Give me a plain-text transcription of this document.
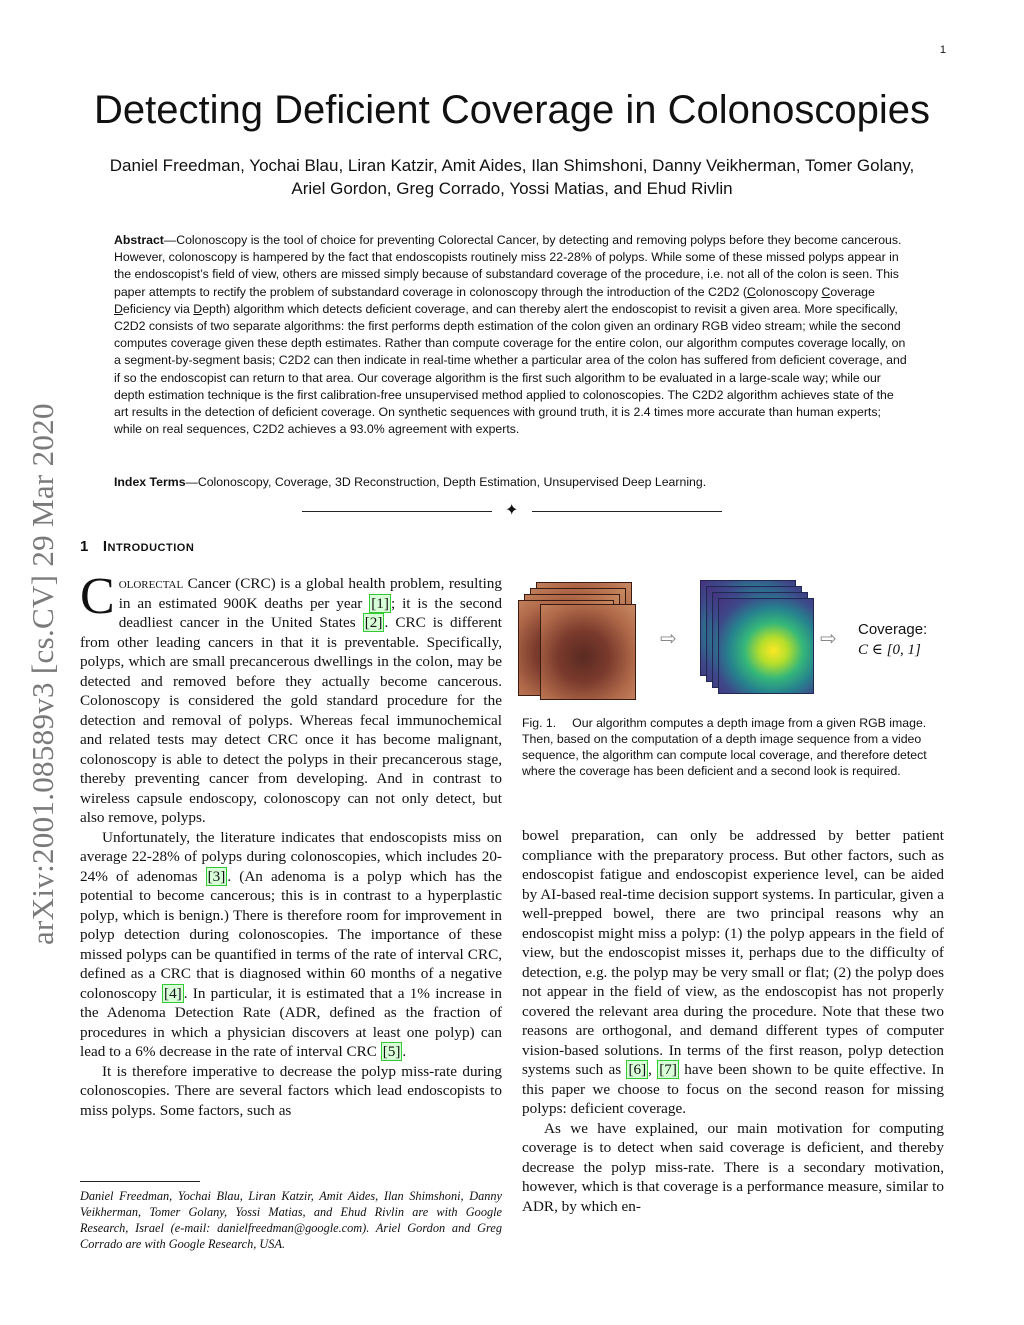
1
arXiv:2001.08589v3 [cs.CV] 29 Mar 2020
Detecting Deficient Coverage in Colonoscopies
Daniel Freedman, Yochai Blau, Liran Katzir, Amit Aides, Ilan Shimshoni, Danny Veikherman, Tomer Golany, Ariel Gordon, Greg Corrado, Yossi Matias, and Ehud Rivlin
Abstract—Colonoscopy is the tool of choice for preventing Colorectal Cancer, by detecting and removing polyps before they become cancerous. However, colonoscopy is hampered by the fact that endoscopists routinely miss 22-28% of polyps. While some of these missed polyps appear in the endoscopist’s field of view, others are missed simply because of substandard coverage of the procedure, i.e. not all of the colon is seen. This paper attempts to rectify the problem of substandard coverage in colonoscopy through the introduction of the C2D2 (Colonoscopy Coverage Deficiency via Depth) algorithm which detects deficient coverage, and can thereby alert the endoscopist to revisit a given area. More specifically, C2D2 consists of two separate algorithms: the first performs depth estimation of the colon given an ordinary RGB video stream; while the second computes coverage given these depth estimates. Rather than compute coverage for the entire colon, our algorithm computes coverage locally, on a segment-by-segment basis; C2D2 can then indicate in real-time whether a particular area of the colon has suffered from deficient coverage, and if so the endoscopist can return to that area. Our coverage algorithm is the first such algorithm to be evaluated in a large-scale way; while our depth estimation technique is the first calibration-free unsupervised method applied to colonoscopies. The C2D2 algorithm achieves state of the art results in the detection of deficient coverage. On synthetic sequences with ground truth, it is 2.4 times more accurate than human experts; while on real sequences, C2D2 achieves a 93.0% agreement with experts.
Index Terms—Colonoscopy, Coverage, 3D Reconstruction, Depth Estimation, Unsupervised Deep Learning.
✦
1 Introduction

Colorectal Cancer (CRC) is a global health problem, resulting in an estimated 900K deaths per year [1] ; it is the second deadliest cancer in the United States [2] . CRC is different from other leading cancers in that it is preventable. Specifically, polyps, which are small precancerous dwellings in the colon, may be detected and removed before they actually become cancerous. Colonoscopy is considered the gold standard procedure for the detection and removal of polyps. Whereas fecal immunochemical and related tests may detect CRC once it has become malignant, colonoscopy is able to detect the polyps in their precancerous stage, thereby preventing cancer from developing. And in contrast to wireless capsule endoscopy, colonoscopy can not only detect, but also remove, polyps.

Unfortunately, the literature indicates that endoscopists miss on average 22-28% of polyps during colonoscopies, which includes 20-24% of adenomas [3] . (An adenoma is a polyp which has the potential to become cancerous; this is in contrast to a hyperplastic polyp, which is benign.) There is therefore room for improvement in polyp detection during colonoscopies. The importance of these missed polyps can be quantified in terms of the rate of interval CRC, defined as a CRC that is diagnosed within 60 months of a negative colonoscopy [4] . In particular, it is estimated that a 1% increase in the Adenoma Detection Rate (ADR, defined as the fraction of procedures in which a physician discovers at least one polyp) can lead to a 6% decrease in the rate of interval CRC [5] .

It is therefore imperative to decrease the polyp miss-rate during colonoscopies. There are several factors which lead endoscopists to miss polyps. Some factors, such as

Daniel Freedman, Yochai Blau, Liran Katzir, Amit Aides, Ilan Shimshoni, Danny Veikherman, Tomer Golany, Yossi Matias, and Ehud Rivlin are with Google Research, Israel (e-mail: danielfreedman@google.com). Ariel Gordon and Greg Corrado are with Google Research, USA.
⇨	⇨ Coverage:
C ∈ [0, 1]
Fig. 1. Our algorithm computes a depth image from a given RGB image. Then, based on the computation of a depth image sequence from a video sequence, the algorithm can compute local coverage, and therefore detect where the coverage has been deficient and a second look is required.

bowel preparation, can only be addressed by better patient compliance with the preparatory process. But other factors, such as endoscopist fatigue and endoscopist experience level, can be aided by AI-based real-time decision support systems. In particular, given a well-prepped bowel, there are two principal reasons why an endoscopist might miss a polyp: (1) the polyp appears in the field of view, but the endoscopist misses it, perhaps due to the difficulty of detection, e.g. the polyp may be very small or flat; (2) the polyp does not appear in the field of view, as the endoscopist has not properly covered the relevant area during the procedure. Note that these two reasons are orthogonal, and demand different types of computer vision-based solutions. In terms of the first reason, polyp detection systems such as [6] , [7] have been shown to be quite effective. In this paper we choose to focus on the second reason for missing polyps: deficient coverage.

As we have explained, our main motivation for computing coverage is to detect when said coverage is deficient, and thereby decrease the polyp miss-rate. There is a secondary motivation, however, which is that coverage is a performance measure, similar to ADR, by which en-
